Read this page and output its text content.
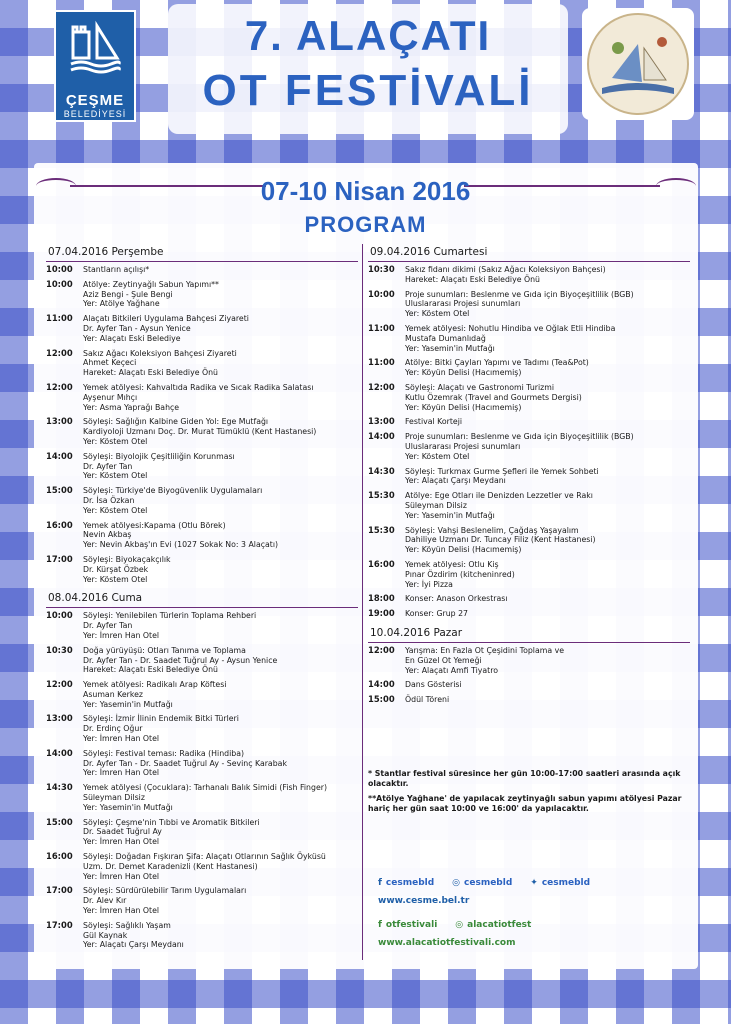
ÇEŞME
BELEDİYESİ
7. ALAÇATI
OT FESTİVALİ
07-10 Nisan 2016
PROGRAM
07.04.2016 Perşembe
10:00	Stantların açılışı*
10:00	Atölye: Zeytinyağlı Sabun Yapımı**
Aziz Bengi - Şule Bengi
Yer: Atölye Yağhane
11:00	Alaçatı Bitkileri Uygulama Bahçesi Ziyareti
Dr. Ayfer Tan - Aysun Yenice
Yer: Alaçatı Eski Belediye
12:00	Sakız Ağacı Koleksiyon Bahçesi Ziyareti
Ahmet Keçeci
Hareket: Alaçatı Eski Belediye Önü
12:00	Yemek atölyesi: Kahvaltıda Radika ve Sıcak Radika Salatası
Ayşenur Mıhçı
Yer: Asma Yaprağı Bahçe
13:00	Söyleşi: Sağlığın Kalbine Giden Yol: Ege Mutfağı
Kardiyoloji Uzmanı Doç. Dr. Murat Tümüklü (Kent Hastanesi)
Yer: Köstem Otel
14:00	Söyleşi: Biyolojik Çeşitliliğin Korunması
Dr. Ayfer Tan
Yer: Köstem Otel
15:00	Söyleşi: Türkiye'de Biyogüvenlik Uygulamaları
Dr. İsa Özkan
Yer: Köstem Otel
16:00	Yemek atölyesi:Kapama (Otlu Börek)
Nevin Akbaş
Yer: Nevin Akbaş'ın Evi (1027 Sokak No: 3 Alaçatı)
17:00	Söyleşi: Biyokaçakçılık
Dr. Kürşat Özbek
Yer: Köstem Otel
08.04.2016 Cuma
10:00	Söyleşi: Yenilebilen Türlerin Toplama Rehberi
Dr. Ayfer Tan
Yer: İmren Han Otel
10:30	Doğa yürüyüşü: Otları Tanıma ve Toplama
Dr. Ayfer Tan - Dr. Saadet Tuğrul Ay - Aysun Yenice
Hareket: Alaçatı Eski Belediye Önü
12:00	Yemek atölyesi: Radikalı Arap Köftesi
Asuman Kerkez
Yer: Yasemin'in Mutfağı
13:00	Söyleşi: İzmir İlinin Endemik Bitki Türleri
Dr. Erdinç Oğur
Yer: İmren Han Otel
14:00	Söyleşi: Festival teması: Radika (Hindiba)
Dr. Ayfer Tan - Dr. Saadet Tuğrul Ay - Sevinç Karabak
Yer: İmren Han Otel
14:30	Yemek atölyesi (Çocuklara): Tarhanalı Balık Simidi (Fish Finger)
Süleyman Dilsiz
Yer: Yasemin'in Mutfağı
15:00	Söyleşi: Çeşme'nin Tıbbi ve Aromatik Bitkileri
Dr. Saadet Tuğrul Ay
Yer: İmren Han Otel
16:00	Söyleşi: Doğadan Fışkıran Şifa: Alaçatı Otlarının Sağlık Öyküsü
Uzm. Dr. Demet Karadenizli (Kent Hastanesi)
Yer: İmren Han Otel
17:00	Söyleşi: Sürdürülebilir Tarım Uygulamaları
Dr. Alev Kır
Yer: İmren Han Otel
17:00	Söyleşi: Sağlıklı Yaşam
Gül Kaynak
Yer: Alaçatı Çarşı Meydanı
09.04.2016 Cumartesi
10:30	Sakız fidanı dikimi (Sakız Ağacı Koleksiyon Bahçesi)
Hareket: Alaçatı Eski Belediye Önü
10:00	Proje sunumları: Beslenme ve Gıda için Biyoçeşitlilik (BGB)
Uluslararası Projesi sunumları
Yer: Köstem Otel
11:00	Yemek atölyesi: Nohutlu Hindiba ve Oğlak Etli Hindiba
Mustafa Dumanlıdağ
Yer: Yasemin'in Mutfağı
11:00	Atölye: Bitki Çayları Yapımı ve Tadımı (Tea&Pot)
Yer: Köyün Delisi (Hacımemiş)
12:00	Söyleşi: Alaçatı ve Gastronomi Turizmi
Kutlu Özemrak (Travel and Gourmets Dergisi)
Yer: Köyün Delisi (Hacımemiş)
13:00	Festival Korteji
14:00	Proje sunumları: Beslenme ve Gıda için Biyoçeşitlilik (BGB)
Uluslararası Projesi sunumları
Yer: Köstem Otel
14:30	Söyleşi: Turkmax Gurme Şefleri ile Yemek Sohbeti
Yer: Alaçatı Çarşı Meydanı
15:30	Atölye: Ege Otları ile Denizden Lezzetler ve Rakı
Süleyman Dilsiz
Yer: Yasemin'in Mutfağı
15:30	Söyleşi: Vahşi Beslenelim, Çağdaş Yaşayalım
Dahiliye Uzmanı Dr. Tuncay Filiz (Kent Hastanesi)
Yer: Köyün Delisi (Hacımemiş)
16:00	Yemek atölyesi: Otlu Kiş
Pınar Özdirim (kitcheninred)
Yer: İyi Pizza
18:00	Konser: Anason Orkestrası
19:00	Konser: Grup 27
10.04.2016 Pazar
12:00	Yarışma: En Fazla Ot Çeşidini Toplama ve
En Güzel Ot Yemeği
Yer: Alaçatı Amfi Tiyatro
14:00	Dans Gösterisi
15:00	Ödül Töreni

* Stantlar festival süresince her gün 10:00-17:00 saatleri arasında açık olacaktır.

**Atölye Yağhane' de yapılacak zeytinyağlı sabun yapımı atölyesi Pazar hariç her gün saat 10:00 ve 16:00' da yapılacaktır.

f cesmebld ◎ cesmebld ✦ cesmebld
www.cesme.bel.tr
f otfestivali ◎ alacatiotfest
www.alacatiotfestivali.com
